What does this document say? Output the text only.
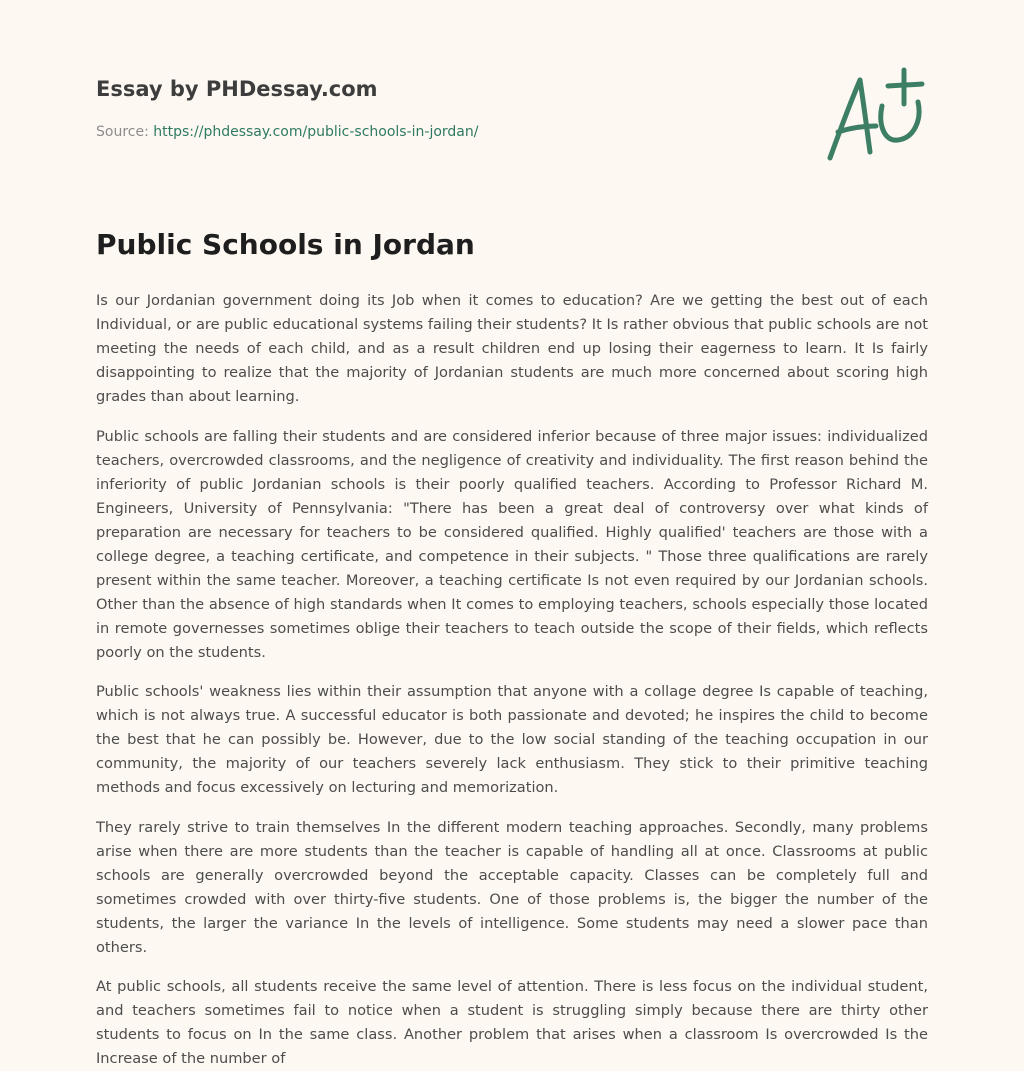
Essay by PHDessay.com
Source: https://phdessay.com/public-schools-in-jordan/
Public Schools in Jordan

Is our Jordanian government doing its Job when it comes to education? Are we getting the best out of each Individual, or are public educational systems failing their students? It Is rather obvious that public schools are not meeting the needs of each child, and as a result children end up losing their eagerness to learn. It Is fairly disappointing to realize that the majority of Jordanian students are much more concerned about scoring high grades than about learning.

Public schools are falling their students and are considered inferior because of three major issues: individualized teachers, overcrowded classrooms, and the negligence of creativity and individuality. The first reason behind the inferiority of public Jordanian schools is their poorly qualified teachers. According to Professor Richard M. Engineers, University of Pennsylvania: "There has been a great deal of controversy over what kinds of preparation are necessary for teachers to be considered qualified. Highly qualified' teachers are those with a college degree, a teaching certificate, and competence in their subjects. " Those three qualifications are rarely present within the same teacher. Moreover, a teaching certificate Is not even required by our Jordanian schools. Other than the absence of high standards when It comes to employing teachers, schools especially those located in remote governesses sometimes oblige their teachers to teach outside the scope of their fields, which reflects poorly on the students.

Public schools' weakness lies within their assumption that anyone with a collage degree Is capable of teaching, which is not always true. A successful educator is both passionate and devoted; he inspires the child to become the best that he can possibly be. However, due to the low social standing of the teaching occupation in our community, the majority of our teachers severely lack enthusiasm. They stick to their primitive teaching methods and focus excessively on lecturing and memorization.

They rarely strive to train themselves In the different modern teaching approaches. Secondly, many problems arise when there are more students than the teacher is capable of handling all at once. Classrooms at public schools are generally overcrowded beyond the acceptable capacity. Classes can be completely full and sometimes crowded with over thirty-five students. One of those problems is, the bigger the number of the students, the larger the variance In the levels of intelligence. Some students may need a slower pace than others.

At public schools, all students receive the same level of attention. There is less focus on the individual student, and teachers sometimes fail to notice when a student is struggling simply because there are thirty other students to focus on In the same class. Another problem that arises when a classroom Is overcrowded Is the Increase of the number of
